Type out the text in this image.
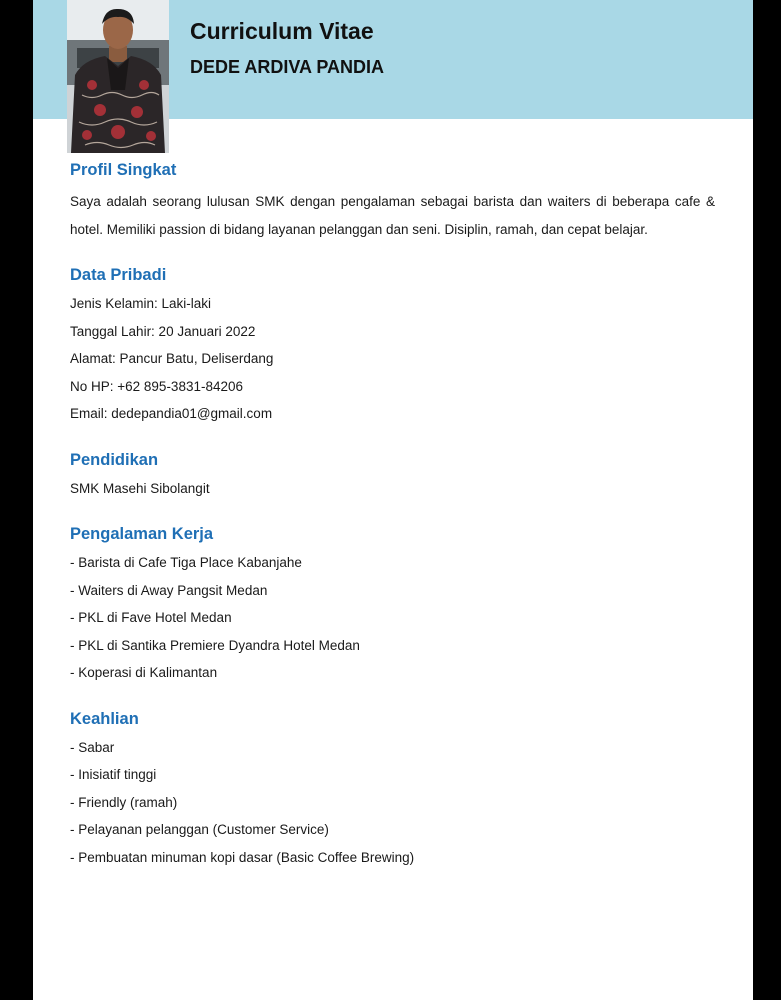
Curriculum Vitae
DEDE ARDIVA PANDIA
Profil Singkat

Saya adalah seorang lulusan SMK dengan pengalaman sebagai barista dan waiters di beberapa cafe & hotel. Memiliki passion di bidang layanan pelanggan dan seni. Disiplin, ramah, dan cepat belajar.

Data Pribadi

Jenis Kelamin: Laki-laki

Tanggal Lahir: 20 Januari 2022

Alamat: Pancur Batu, Deliserdang

No HP: +62 895-3831-84206

Email: dedepandia01@gmail.com

Pendidikan

SMK Masehi Sibolangit

Pengalaman Kerja

- Barista di Cafe Tiga Place Kabanjahe

- Waiters di Away Pangsit Medan

- PKL di Fave Hotel Medan

- PKL di Santika Premiere Dyandra Hotel Medan

- Koperasi di Kalimantan

Keahlian

- Sabar

- Inisiatif tinggi

- Friendly (ramah)

- Pelayanan pelanggan (Customer Service)

- Pembuatan minuman kopi dasar (Basic Coffee Brewing)
